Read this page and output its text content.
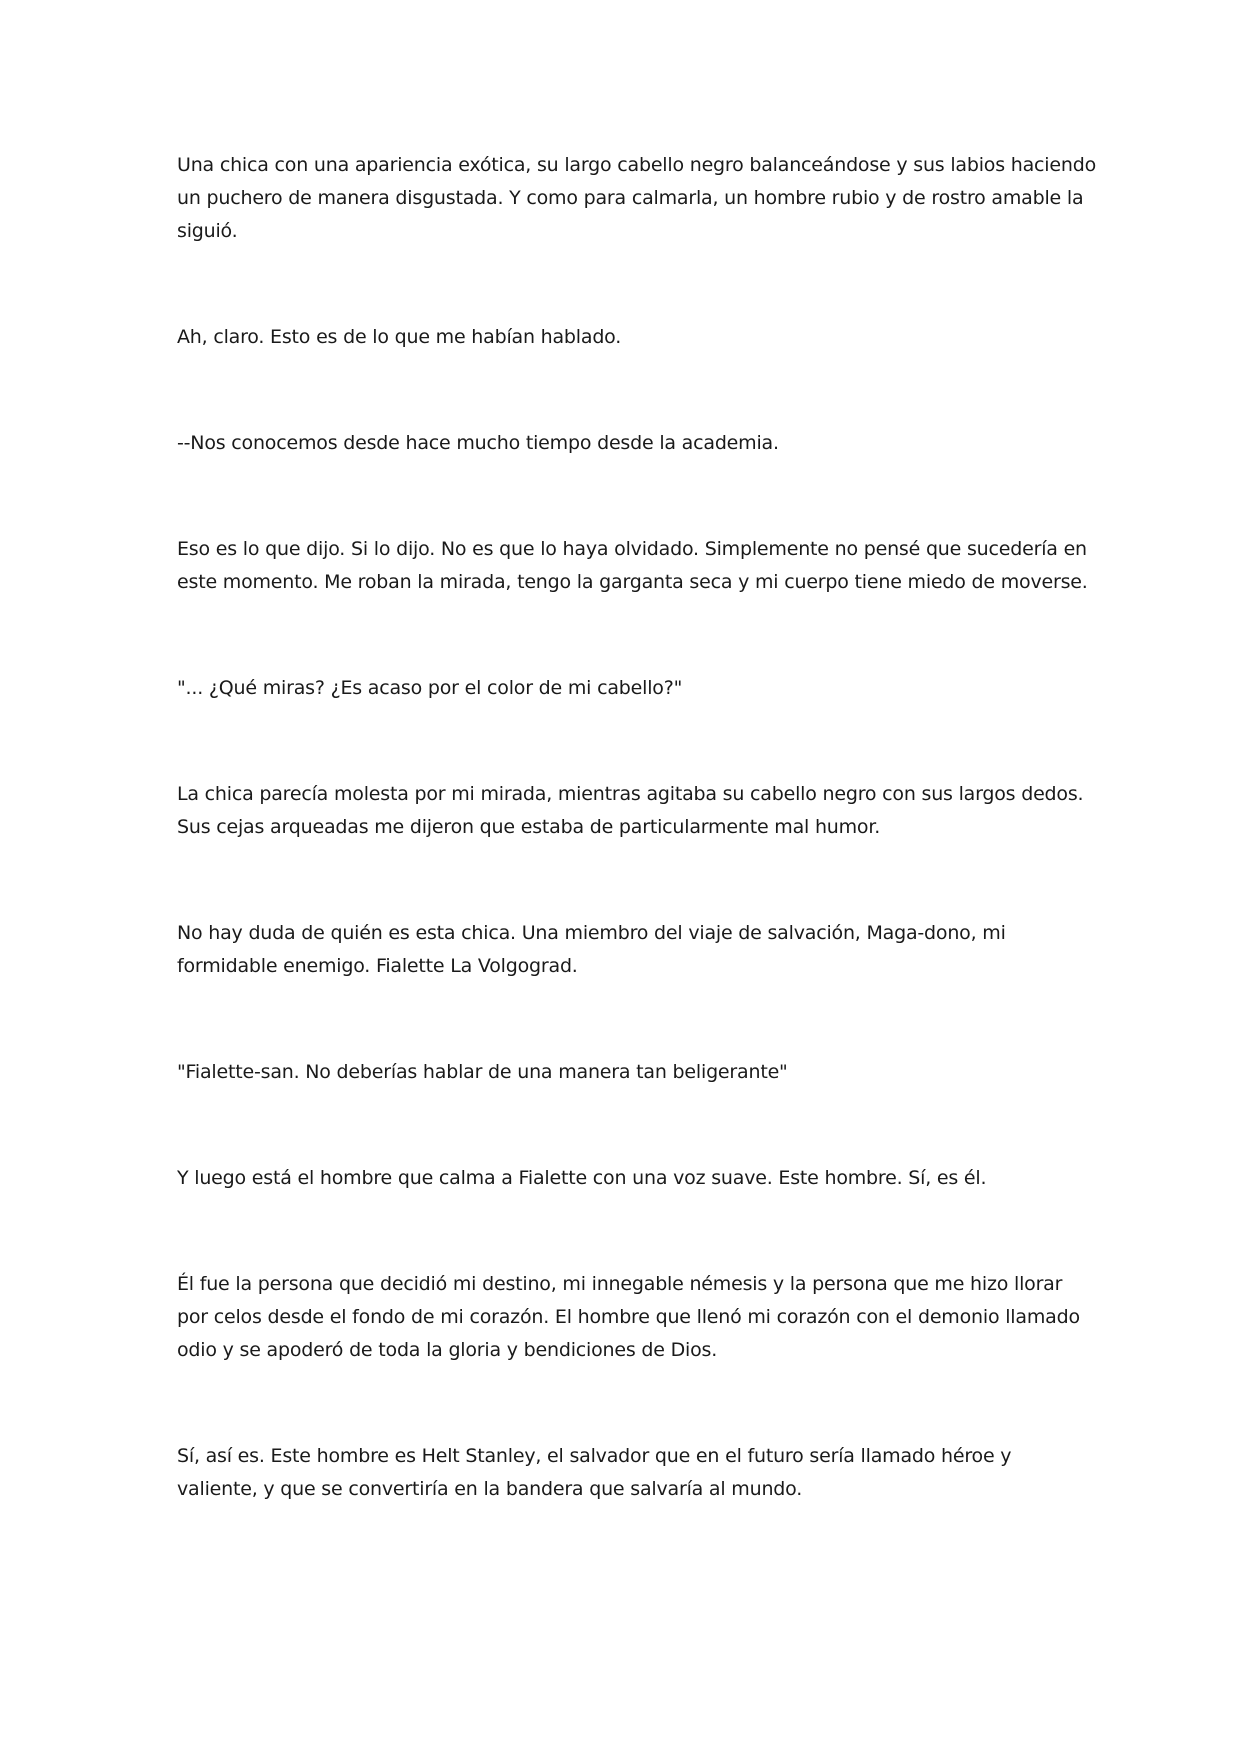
Una chica con una apariencia exótica, su largo cabello negro balanceándose y sus labios haciendo un puchero de manera disgustada. Y como para calmarla, un hombre rubio y de rostro amable la siguió.

Ah, claro. Esto es de lo que me habían hablado.

--Nos conocemos desde hace mucho tiempo desde la academia.

Eso es lo que dijo. Si lo dijo. No es que lo haya olvidado. Simplemente no pensé que sucedería en este momento. Me roban la mirada, tengo la garganta seca y mi cuerpo tiene miedo de moverse.

"... ¿Qué miras? ¿Es acaso por el color de mi cabello?"

La chica parecía molesta por mi mirada, mientras agitaba su cabello negro con sus largos dedos. Sus cejas arqueadas me dijeron que estaba de particularmente mal humor.

No hay duda de quién es esta chica. Una miembro del viaje de salvación, Maga-dono, mi formidable enemigo. Fialette La Volgograd.

"Fialette-san. No deberías hablar de una manera tan beligerante"

Y luego está el hombre que calma a Fialette con una voz suave. Este hombre. Sí, es él.

Él fue la persona que decidió mi destino, mi innegable némesis y la persona que me hizo llorar por celos desde el fondo de mi corazón. El hombre que llenó mi corazón con el demonio llamado odio y se apoderó de toda la gloria y bendiciones de Dios.

Sí, así es. Este hombre es Helt Stanley, el salvador que en el futuro sería llamado héroe y valiente, y que se convertiría en la bandera que salvaría al mundo.
